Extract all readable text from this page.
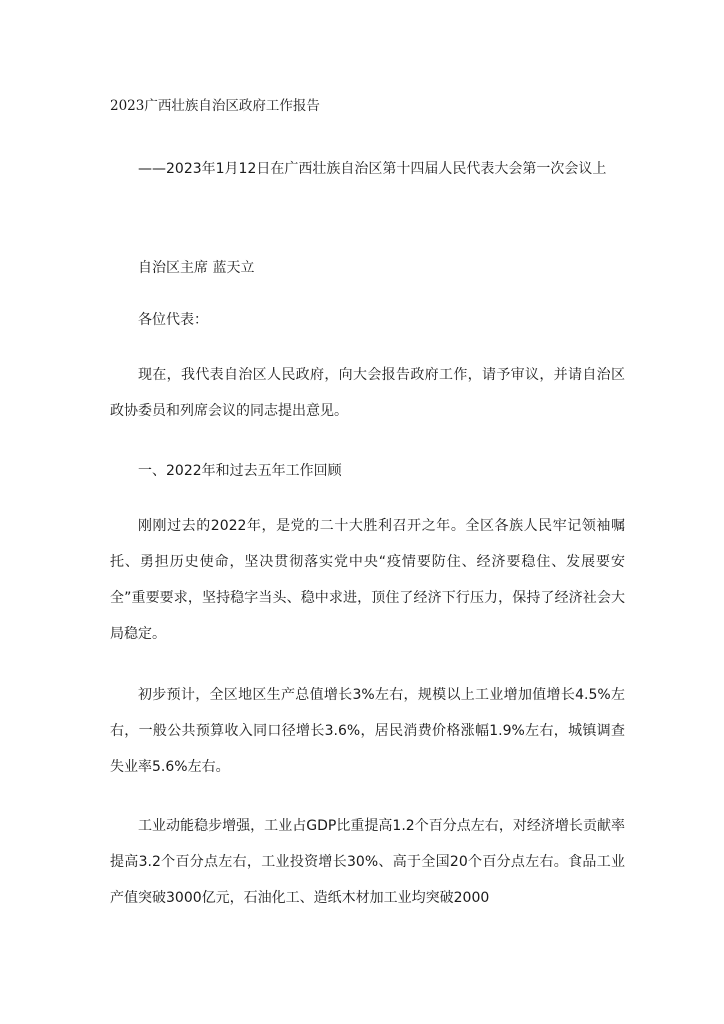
2023广西壮族自治区政府工作报告

——2023年1月12日在广西壮族自治区第十四届人民代表大会第一次会议上

自治区主席 蓝天立

各位代表：

现在，我代表自治区人民政府，向大会报告政府工作，请予审议，并请自治区政协委员和列席会议的同志提出意见。

一、2022年和过去五年工作回顾

刚刚过去的2022年，是党的二十大胜利召开之年。全区各族人民牢记领袖嘱托、勇担历史使命，坚决贯彻落实党中央“疫情要防住、经济要稳住、发展要安全”重要要求，坚持稳字当头、稳中求进，顶住了经济下行压力，保持了经济社会大局稳定。

初步预计，全区地区生产总值增长3%左右，规模以上工业增加值增长4.5%左右，一般公共预算收入同口径增长3.6%，居民消费价格涨幅1.9%左右，城镇调查失业率5.6%左右。

工业动能稳步增强，工业占GDP比重提高1.2个百分点左右，对经济增长贡献率提高3.2个百分点左右，工业投资增长30%、高于全国20个百分点左右。食品工业产值突破3000亿元，石油化工、造纸木材加工业均突破2000
